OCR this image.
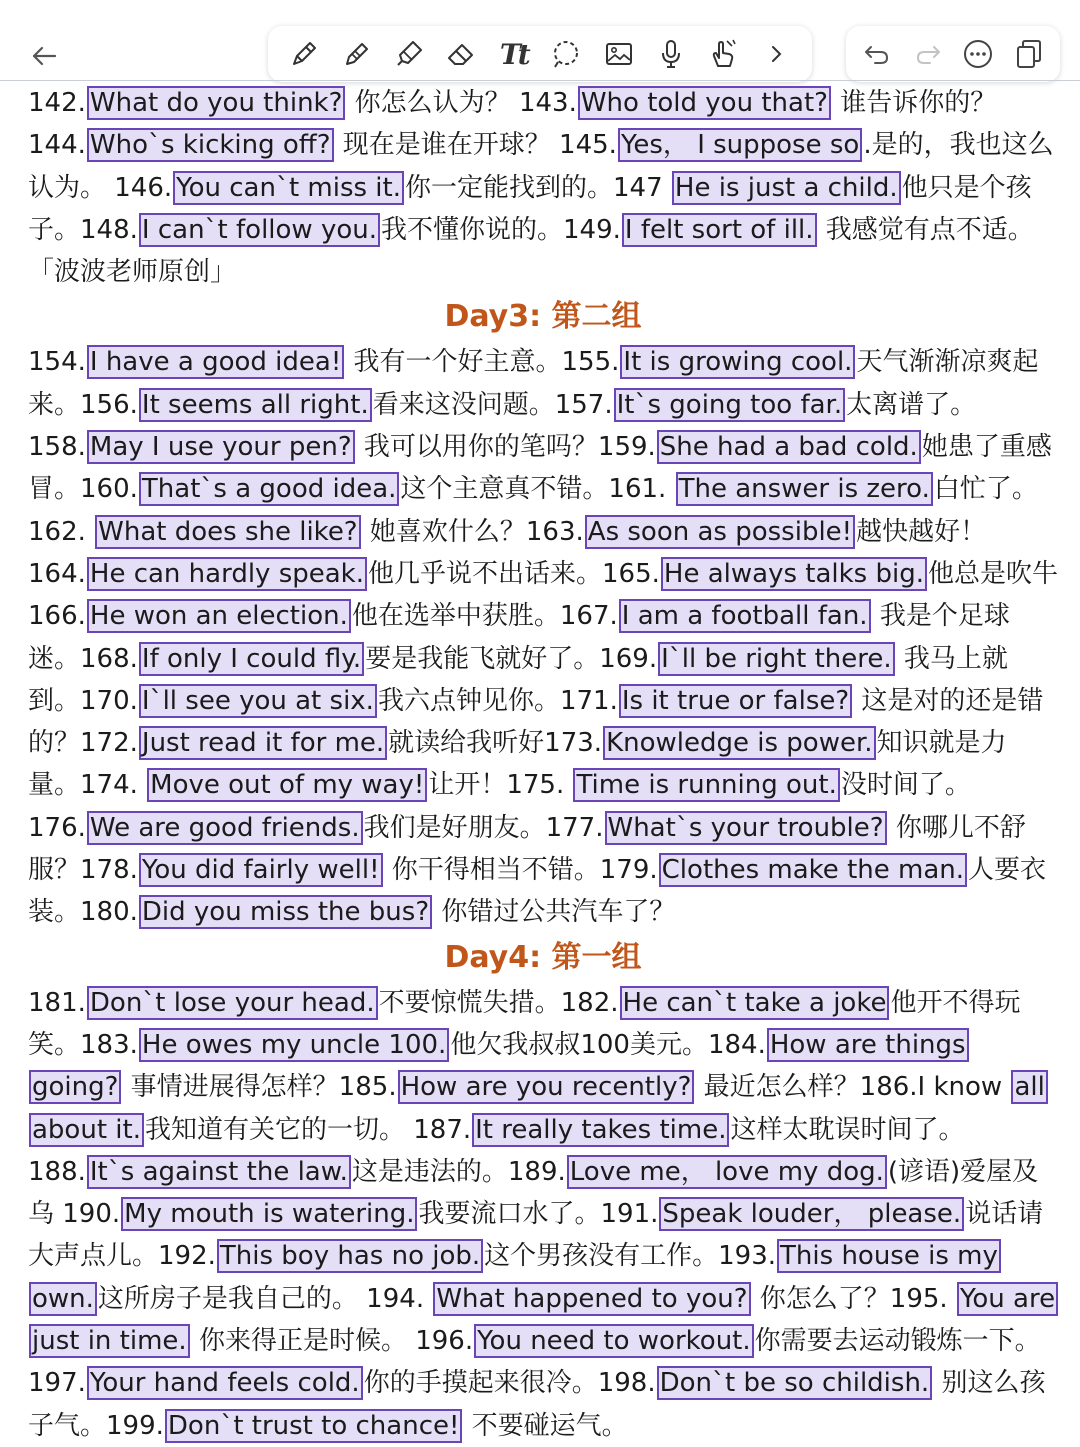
Tt

142. What do you think? 你怎么认为？ 143. Who told you that? 谁告诉你的？144. Who`s kicking off? 现在是谁在开球？ 145. Yes， I suppose so .是的，我也这么认为。 146. You can`t miss it. 你一定能找到的。147 He is just a child. 他只是个孩子。148. I can`t follow you. 我不懂你说的。149. I felt sort of ill. 我感觉有点不适。「波波老师原创」

Day3: 第二组

154. I have a good idea! 我有一个好主意。155. It is growing cool. 天气渐渐凉爽起来。156. It seems all right. 看来这没问题。157. It`s going too far. 太离谱了。158. May I use your pen? 我可以用你的笔吗？159. She had a bad cold. 她患了重感冒。160. That`s a good idea. 这个主意真不错。161. The answer is zero. 白忙了。162. What does she like? 她喜欢什么？163. As soon as possible! 越快越好！ 164. He can hardly speak. 他几乎说不出话来。165. He always talks big. 他总是吹牛166. He won an election. 他在选举中获胜。167. I am a football fan. 我是个足球迷。168. If only I could fly. 要是我能飞就好了。169. I`ll be right there. 我马上就到。170. I`ll see you at six. 我六点钟见你。171. Is it true or false? 这是对的还是错的？172. Just read it for me. 就读给我听好173. Knowledge is power. 知识就是力量。174. Move out of my way! 让开！175. Time is running out. 没时间了。 176. We are good friends. 我们是好朋友。177. What`s your trouble? 你哪儿不舒服？178. You did fairly well! 你干得相当不错。179. Clothes make the man. 人要衣装。180. Did you miss the bus? 你错过公共汽车了？

Day4: 第一组

181. Don`t lose your head. 不要惊慌失措。182. He can`t take a joke 他开不得玩笑。183. He owes my uncle 100. 他欠我叔叔100美元。184. How are things going? 事情进展得怎样？185. How are you recently? 最近怎么样？186.I know all about it. 我知道有关它的一切。 187. It really takes time. 这样太耽误时间了。188. It`s against the law. 这是违法的。189. Love me， love my dog. (谚语)爱屋及乌 190. My mouth is watering. 我要流口水了。191. Speak louder， please. 说话请大声点儿。192. This boy has no job. 这个男孩没有工作。193. This house is my own. 这所房子是我自己的。 194. What happened to you? 你怎么了？195. You are just in time. 你来得正是时候。 196. You need to workout. 你需要去运动锻炼一下。197. Your hand feels cold. 你的手摸起来很冷。198. Don`t be so childish. 别这么孩子气。199. Don`t trust to chance! 不要碰运气。
